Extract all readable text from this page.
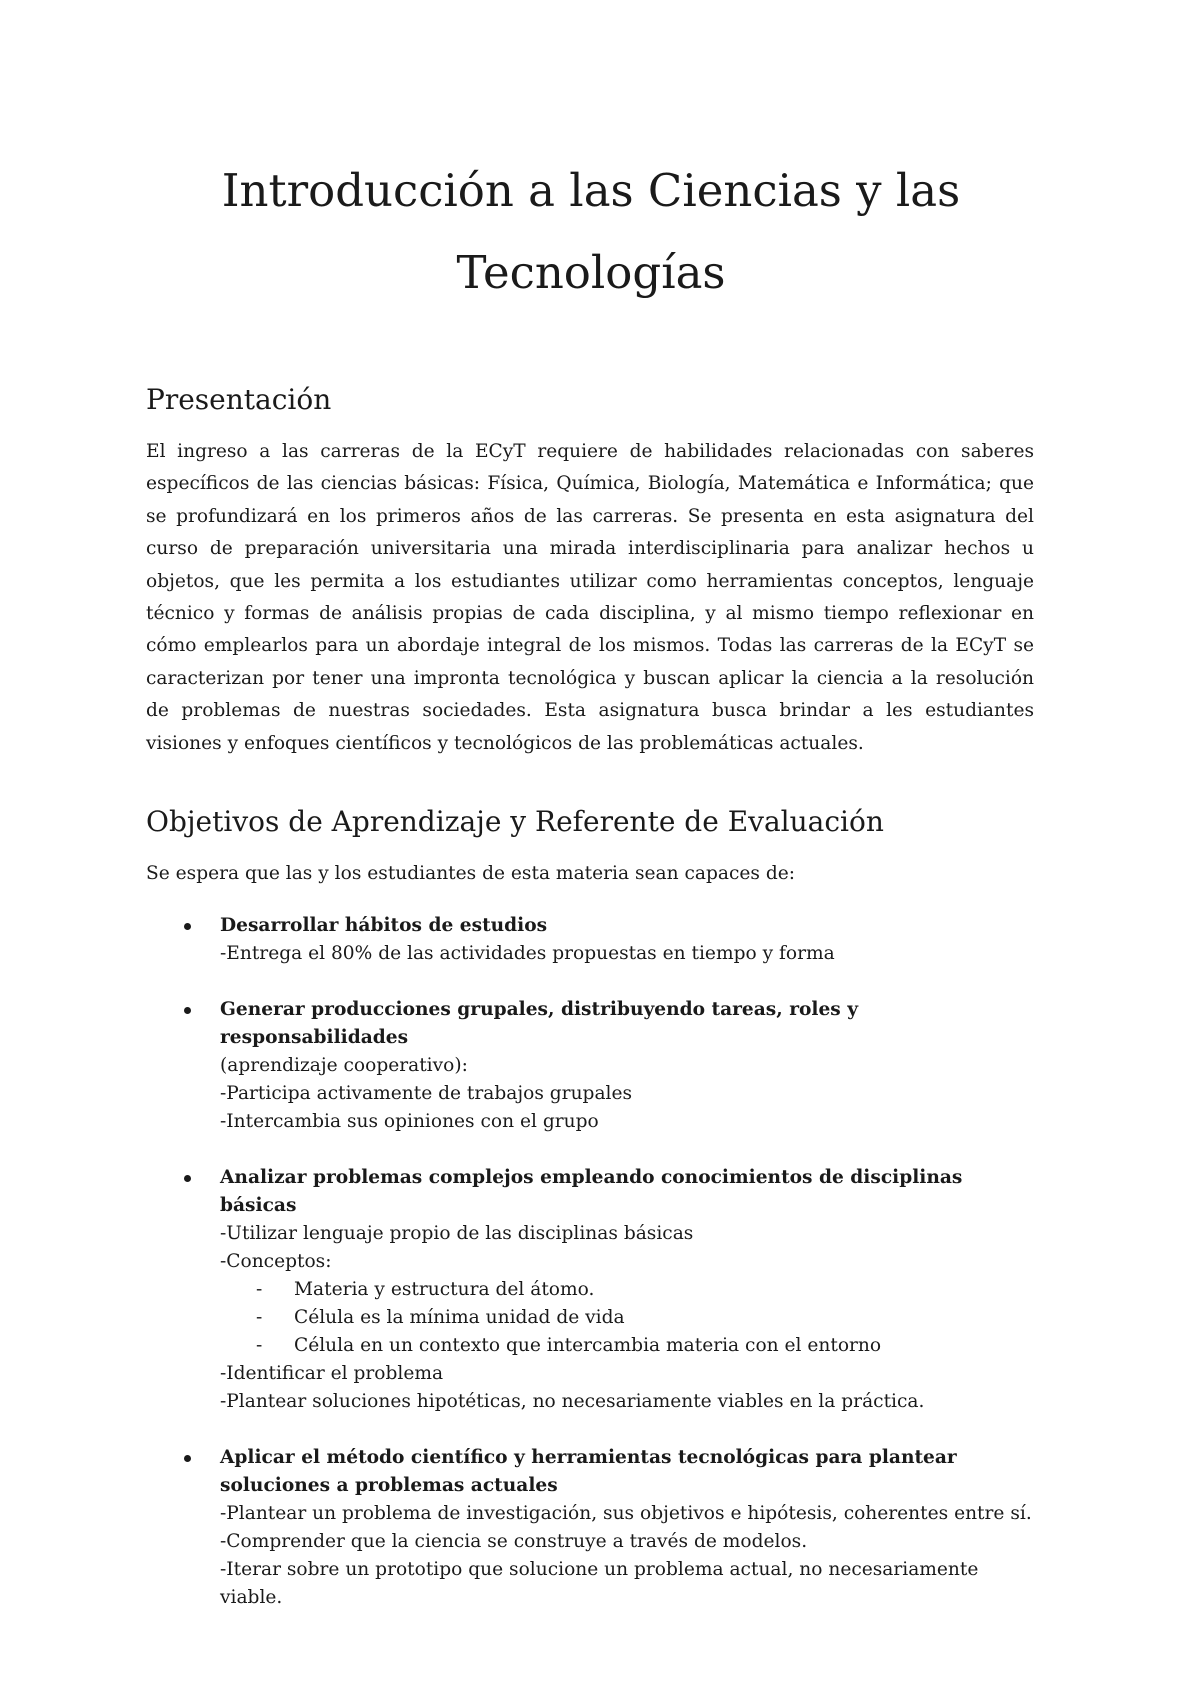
Introducción a las Ciencias y las Tecnologías
Presentación

El ingreso a las carreras de la ECyT requiere de habilidades relacionadas con saberes específicos de las ciencias básicas: Física, Química, Biología, Matemática e Informática; que se profundizará en los primeros años de las carreras. Se presenta en esta asignatura del curso de preparación universitaria una mirada interdisciplinaria para analizar hechos u objetos, que les permita a los estudiantes utilizar como herramientas conceptos, lenguaje técnico y formas de análisis propias de cada disciplina, y al mismo tiempo reflexionar en cómo emplearlos para un abordaje integral de los mismos. Todas las carreras de la ECyT se caracterizan por tener una impronta tecnológica y buscan aplicar la ciencia a la resolución de problemas de nuestras sociedades. Esta asignatura busca brindar a les estudiantes visiones y enfoques científicos y tecnológicos de las problemáticas actuales.

Objetivos de Aprendizaje y Referente de Evaluación

Se espera que las y los estudiantes de esta materia sean capaces de:

Desarrollar hábitos de estudios
-Entrega el 80% de las actividades propuestas en tiempo y forma
Generar producciones grupales, distribuyendo tareas, roles y responsabilidades
(aprendizaje cooperativo):
-Participa activamente de trabajos grupales
-Intercambia sus opiniones con el grupo
Analizar problemas complejos empleando conocimientos de disciplinas básicas
-Utilizar lenguaje propio de las disciplinas básicas
-Conceptos:
- Materia y estructura del átomo.
- Célula es la mínima unidad de vida
- Célula en un contexto que intercambia materia con el entorno
-Identificar el problema
-Plantear soluciones hipotéticas, no necesariamente viables en la práctica.
Aplicar el método científico y herramientas tecnológicas para plantear soluciones a problemas actuales
-Plantear un problema de investigación, sus objetivos e hipótesis, coherentes entre sí.
-Comprender que la ciencia se construye a través de modelos.
-Iterar sobre un prototipo que solucione un problema actual, no necesariamente viable.
